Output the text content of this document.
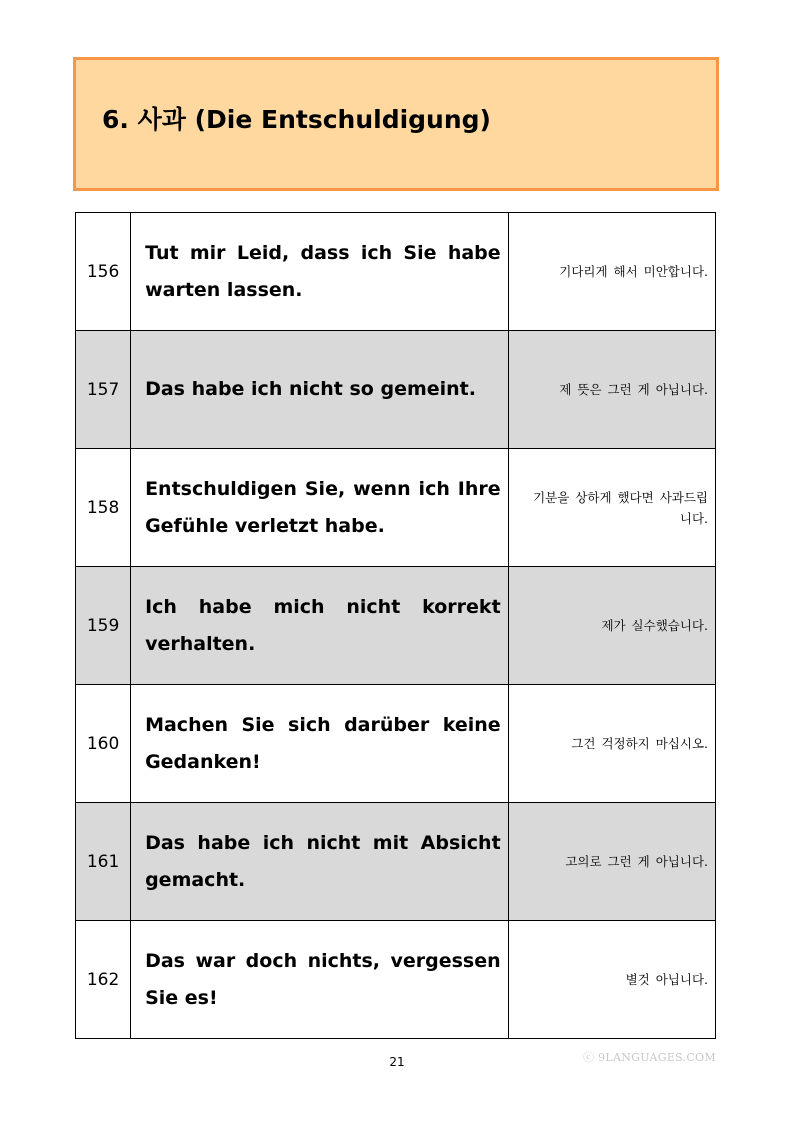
6. 사과 (Die Entschuldigung)
156	Tut mir Leid, dass ich Sie habe warten lassen.	기다리게 해서 미안합니다.
157	Das habe ich nicht so gemeint.	제 뜻은 그런 게 아닙니다.
158	Entschuldigen Sie, wenn ich Ihre Gefühle verletzt habe.	기분을 상하게 했다면 사과드립니다.
159	Ich habe mich nicht korrekt verhalten.	제가 실수했습니다.
160	Machen Sie sich darüber keine Gedanken!	그건 걱정하지 마십시오.
161	Das habe ich nicht mit Absicht gemacht.	고의로 그런 게 아닙니다.
162	Das war doch nichts, vergessen Sie es!	별것 아닙니다.
21	ⓒ 9LANGUAGES.COM
